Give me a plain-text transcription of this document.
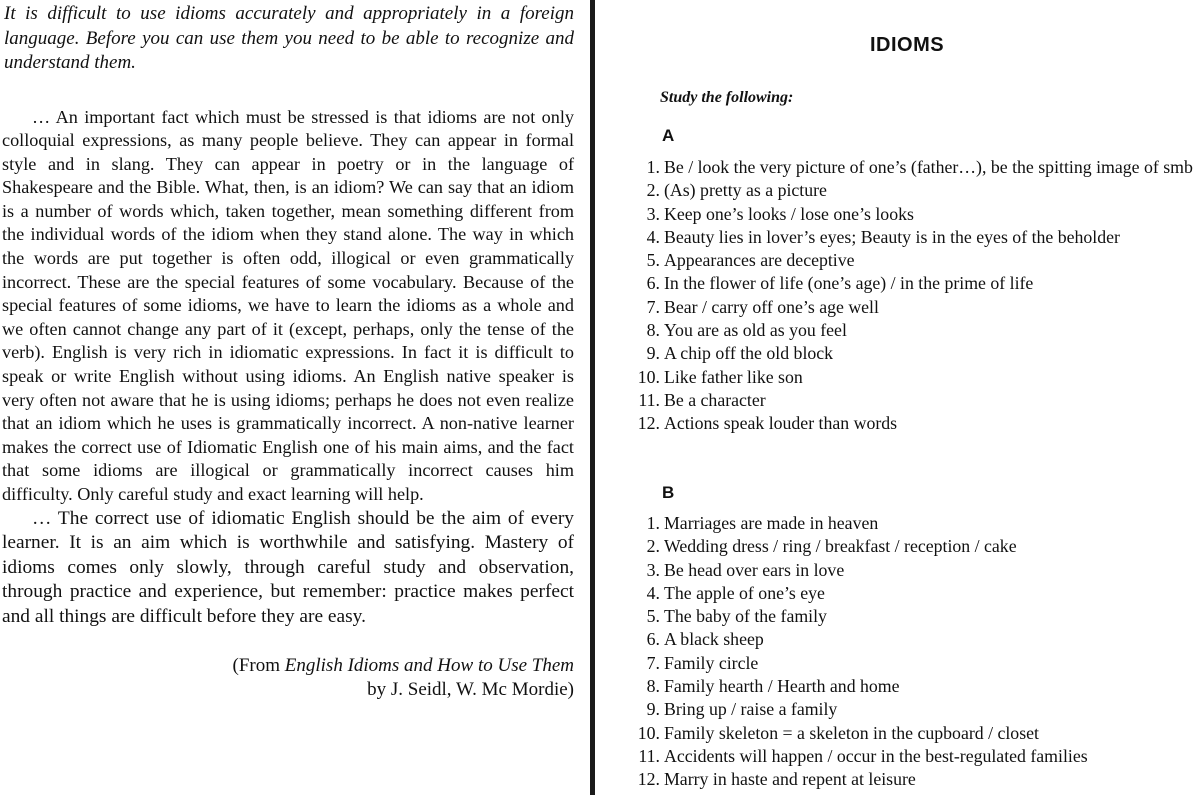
It is difficult to use idioms accurately and appropriately in a foreign language. Before you can use them you need to be able to recognize and understand them.

… An important fact which must be stressed is that idioms are not only colloquial expressions, as many people believe. They can appear in formal style and in slang. They can appear in poetry or in the language of Shakespeare and the Bible. What, then, is an idiom? We can say that an idiom is a number of words which, taken together, mean something different from the individual words of the idiom when they stand alone. The way in which the words are put together is often odd, illogical or even grammatically incorrect. These are the special features of some vocabulary. Because of the special features of some idioms, we have to learn the idioms as a whole and we often cannot change any part of it (except, perhaps, only the tense of the verb). English is very rich in idiomatic expressions. In fact it is difficult to speak or write English without using idioms. An English native speaker is very often not aware that he is using idioms; perhaps he does not even realize that an idiom which he uses is grammatically incorrect. A non-native learner makes the correct use of Idiomatic English one of his main aims, and the fact that some idioms are illogical or grammatically incorrect causes him difficulty. Only careful study and exact learning will help.

… The correct use of idiomatic English should be the aim of every learner. It is an aim which is worthwhile and satisfying. Mastery of idioms comes only slowly, through careful study and observation, through practice and experience, but remember: practice makes perfect and all things are difficult before they are easy.

(From English Idioms and How to Use Them
by J. Seidl, W. Mc Mordie)
IDIOMS
Study the following:
A
1. Be / look the very picture of one’s (father…), be the spitting image of smb
2. (As) pretty as a picture
3. Keep one’s looks / lose one’s looks
4. Beauty lies in lover’s eyes; Beauty is in the eyes of the beholder
5. Appearances are deceptive
6. In the flower of life (one’s age) / in the prime of life
7. Bear / carry off one’s age well
8. You are as old as you feel
9. A chip off the old block
10. Like father like son
11. Be a character
12. Actions speak louder than words
B
1. Marriages are made in heaven
2. Wedding dress / ring / breakfast / reception / cake
3. Be head over ears in love
4. The apple of one’s eye
5. The baby of the family
6. A black sheep
7. Family circle
8. Family hearth / Hearth and home
9. Bring up / raise a family
10. Family skeleton = a skeleton in the cupboard / closet
11. Accidents will happen / occur in the best-regulated families
12. Marry in haste and repent at leisure
